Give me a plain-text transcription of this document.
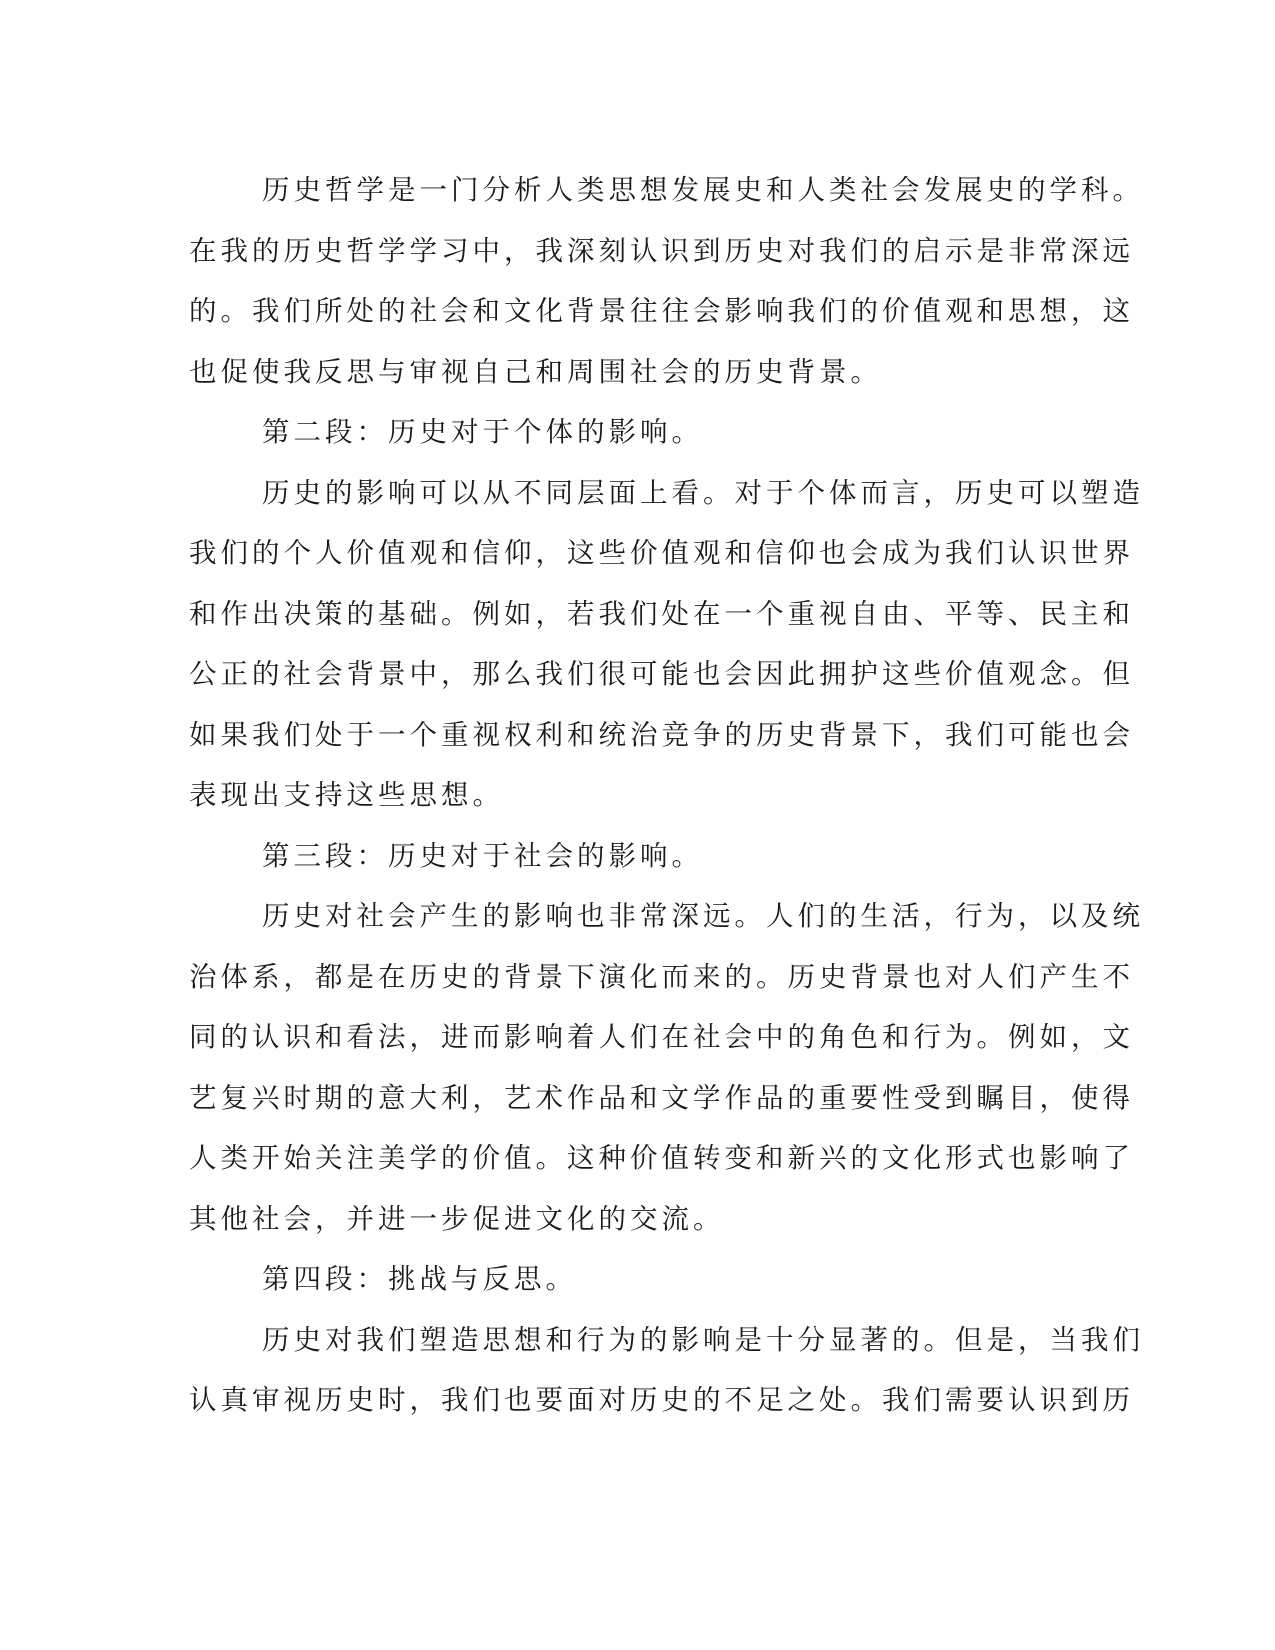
历史哲学是一门分析人类思想发展史和人类社会发展史的学科。
在我的历史哲学学习中，我深刻认识到历史对我们的启示是非常深远
的。我们所处的社会和文化背景往往会影响我们的价值观和思想，这
也促使我反思与审视自己和周围社会的历史背景。
第二段：历史对于个体的影响。
历史的影响可以从不同层面上看。对于个体而言，历史可以塑造
我们的个人价值观和信仰，这些价值观和信仰也会成为我们认识世界
和作出决策的基础。例如，若我们处在一个重视自由、平等、民主和
公正的社会背景中，那么我们很可能也会因此拥护这些价值观念。但
如果我们处于一个重视权利和统治竞争的历史背景下，我们可能也会
表现出支持这些思想。
第三段：历史对于社会的影响。
历史对社会产生的影响也非常深远。人们的生活，行为，以及统
治体系，都是在历史的背景下演化而来的。历史背景也对人们产生不
同的认识和看法，进而影响着人们在社会中的角色和行为。例如，文
艺复兴时期的意大利，艺术作品和文学作品的重要性受到瞩目，使得
人类开始关注美学的价值。这种价值转变和新兴的文化形式也影响了
其他社会，并进一步促进文化的交流。
第四段：挑战与反思。
历史对我们塑造思想和行为的影响是十分显著的。但是，当我们
认真审视历史时，我们也要面对历史的不足之处。我们需要认识到历
